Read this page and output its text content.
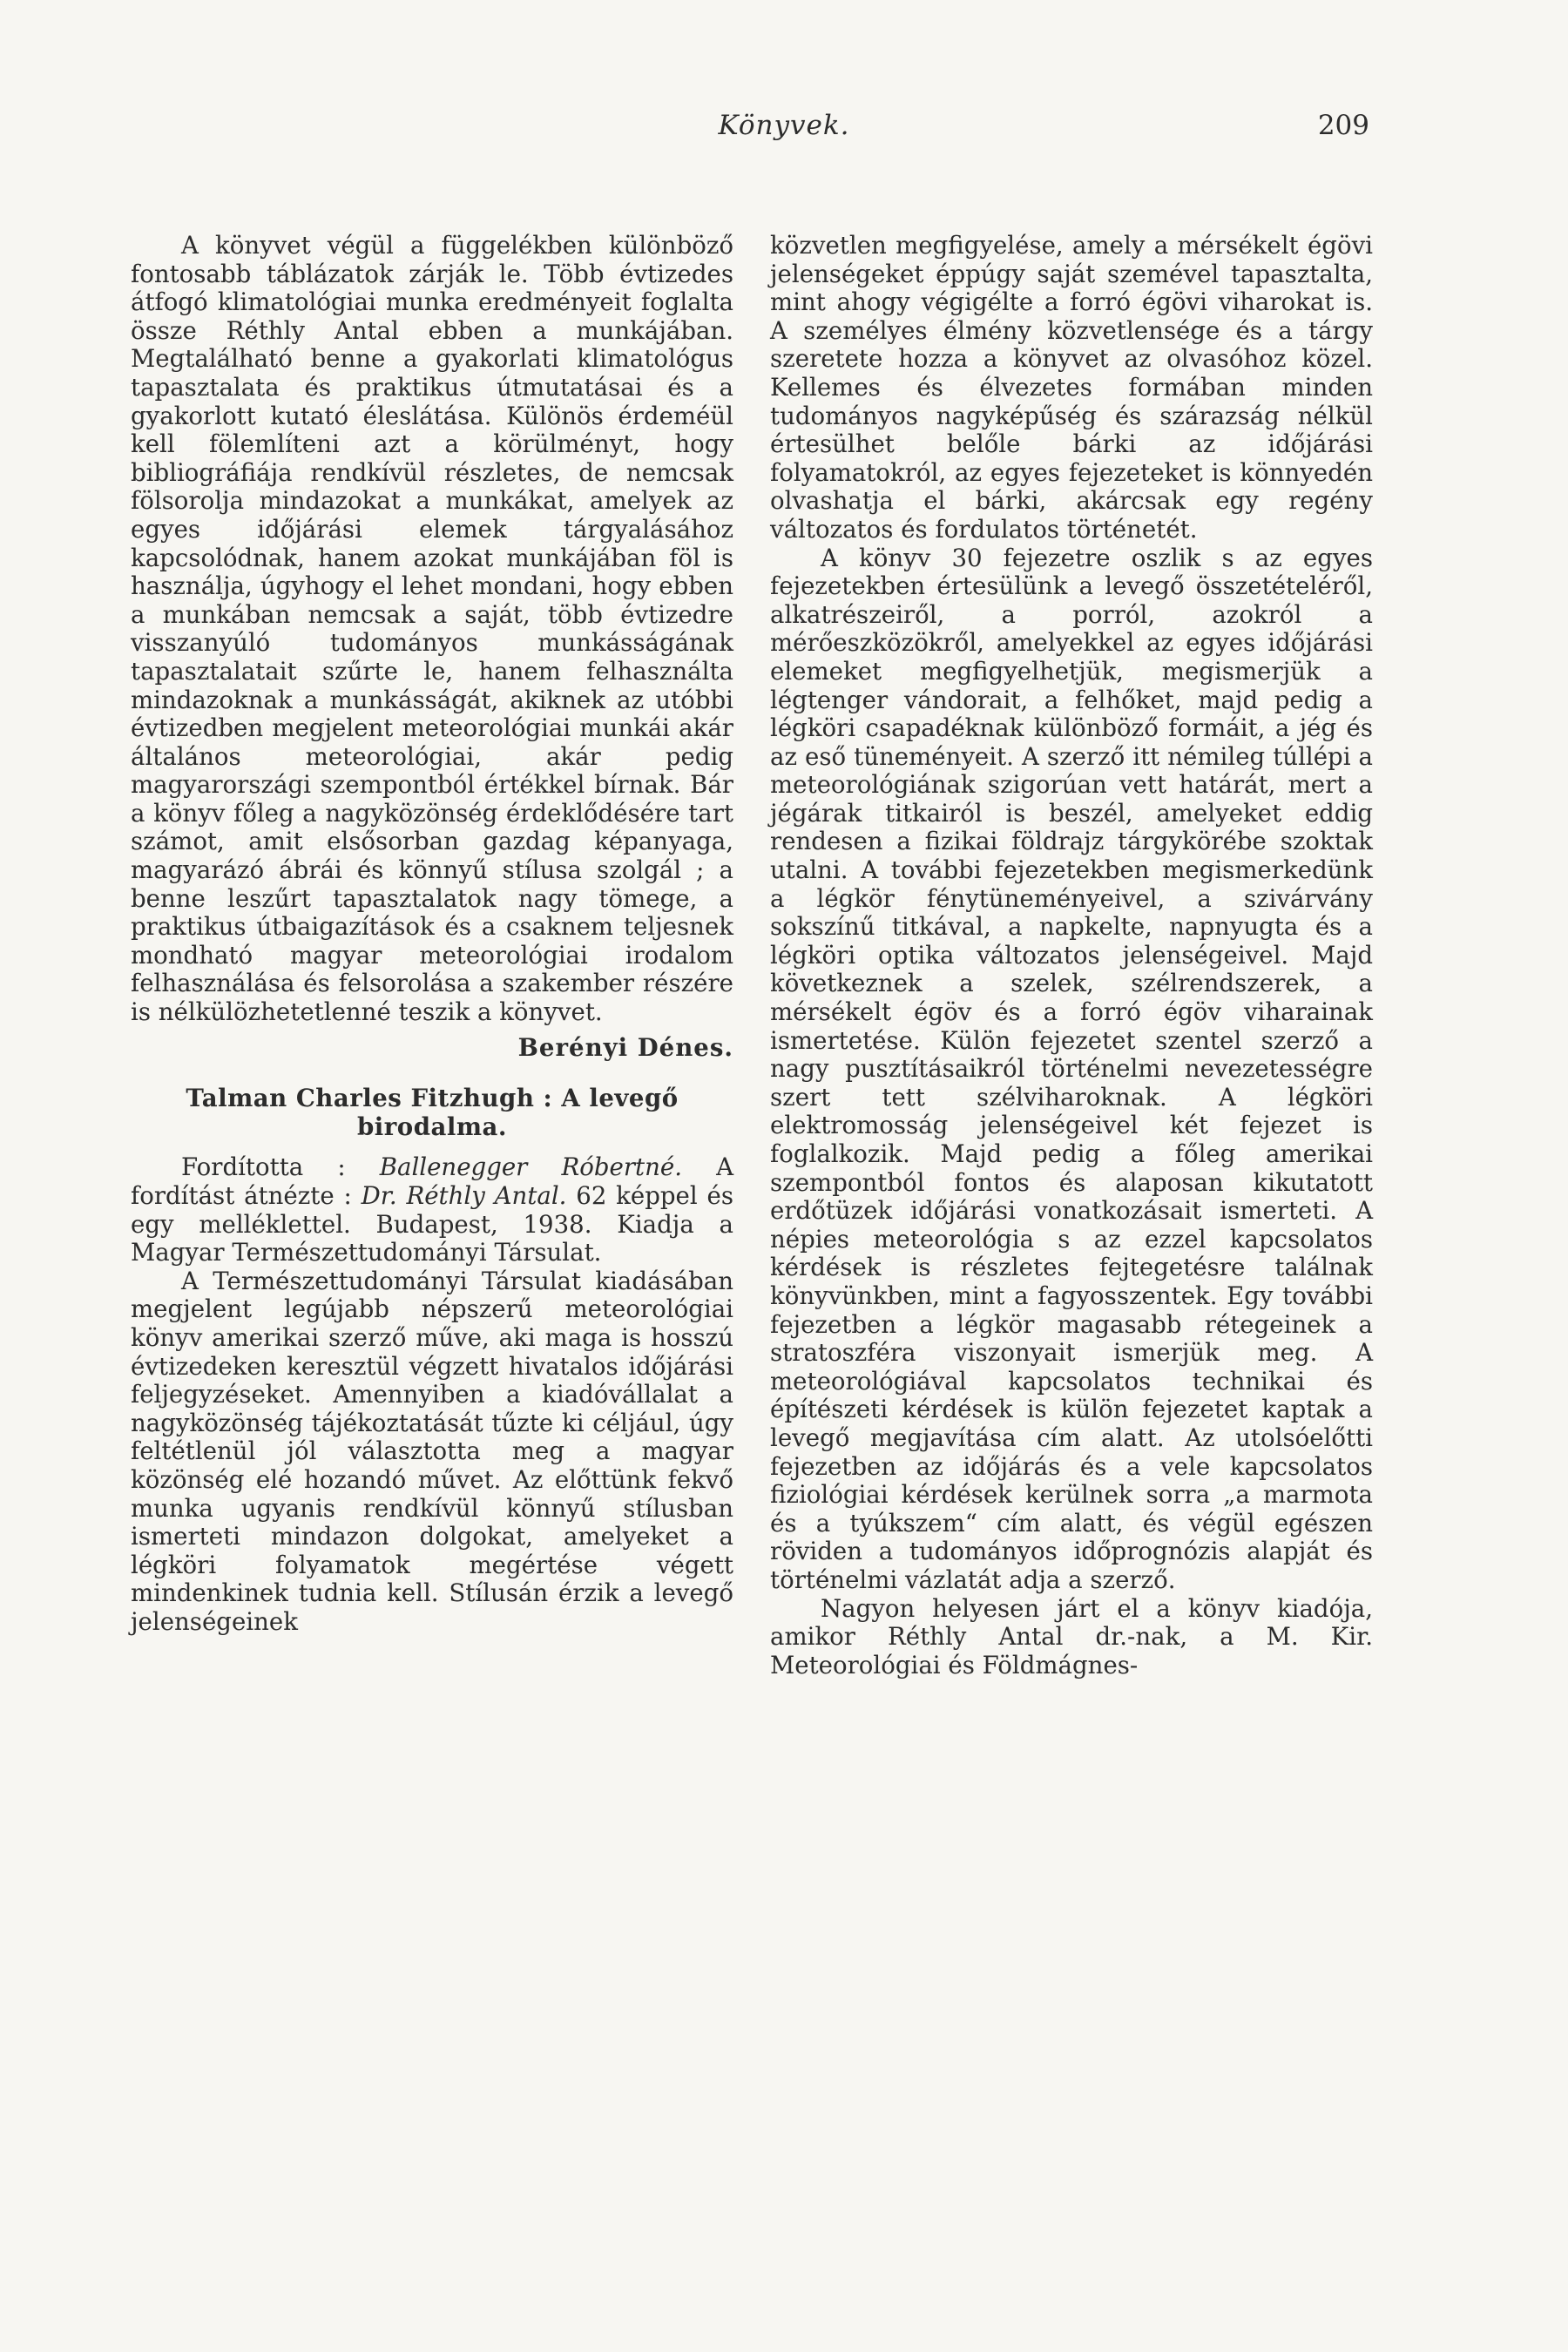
Könyvek.	209

A könyvet végül a függelékben különböző fontosabb táblázatok zárják le. Több évtizedes átfogó klimatológiai munka eredményeit foglalta össze Réthly Antal ebben a munkájában. Megtalálható benne a gyakorlati klimatológus tapasztalata és praktikus útmutatásai és a gyakorlott kutató éleslátása. Különös érdeméül kell fölemlíteni azt a körülményt, hogy bibliográfiája rendkívül részletes, de nemcsak fölsorolja mindazokat a munkákat, amelyek az egyes időjárási elemek tárgyalásához kapcsolódnak, hanem azokat munkájában föl is használja, úgyhogy el lehet mondani, hogy ebben a munkában nemcsak a saját, több évtizedre visszanyúló tudományos munkásságának tapasztalatait szűrte le, hanem felhasználta mindazoknak a munkásságát, akiknek az utóbbi évtizedben megjelent meteorológiai munkái akár általános meteorológiai, akár pedig magyarországi szempontból értékkel bírnak. Bár a könyv főleg a nagyközönség érdeklődésére tart számot, amit elsősorban gazdag képanyaga, magyarázó ábrái és könnyű stílusa szolgál ; a benne leszűrt tapasztalatok nagy tömege, a praktikus útbaigazítások és a csaknem teljesnek mondható magyar meteorológiai irodalom felhasználása és felsorolása a szakember részére is nélkülözhetetlenné teszik a könyvet.

Berényi Dénes.
Talman Charles Fitzhugh : A levegő
birodalma.

Fordította : Ballenegger Róbertné. A fordítást átnézte : Dr. Réthly Antal. 62 képpel és egy melléklettel. Budapest, 1938. Kiadja a Magyar Természettudományi Társulat.

A Természettudományi Társulat kiadásában megjelent legújabb népszerű meteorológiai könyv amerikai szerző műve, aki maga is hosszú évtizedeken keresztül végzett hivatalos időjárási feljegyzéseket. Amennyiben a kiadóvállalat a nagyközönség tájékoztatását tűzte ki céljául, úgy feltétlenül jól választotta meg a magyar közönség elé hozandó művet. Az előttünk fekvő munka ugyanis rendkívül könnyű stílusban ismerteti mindazon dolgokat, amelyeket a légköri folyamatok megértése végett mindenkinek tudnia kell. Stílusán érzik a levegő jelenségeinek

közvetlen megfigyelése, amely a mérsékelt égövi jelenségeket éppúgy saját szemével tapasztalta, mint ahogy végigélte a forró égövi viharokat is. A személyes élmény közvetlensége és a tárgy szeretete hozza a könyvet az olvasóhoz közel. Kellemes és élvezetes formában minden tudományos nagyképűség és szárazság nélkül értesülhet belőle bárki az időjárási folyamatokról, az egyes fejezeteket is könnyedén olvashatja el bárki, akárcsak egy regény változatos és fordulatos történetét.

A könyv 30 fejezetre oszlik s az egyes fejezetekben értesülünk a levegő összetételéről, alkatrészeiről, a porról, azokról a mérőeszközökről, amelyekkel az egyes időjárási elemeket megfigyelhetjük, megismerjük a légtenger vándorait, a felhőket, majd pedig a légköri csapadéknak különböző formáit, a jég és az eső tüneményeit. A szerző itt némileg túllépi a meteorológiának szigorúan vett határát, mert a jégárak titkairól is beszél, amelyeket eddig rendesen a fizikai földrajz tárgykörébe szoktak utalni. A további fejezetekben megismerkedünk a légkör fénytüneményeivel, a szivárvány sokszínű titkával, a napkelte, napnyugta és a légköri optika változatos jelenségeivel. Majd következnek a szelek, szélrendszerek, a mérsékelt égöv és a forró égöv viharainak ismertetése. Külön fejezetet szentel szerző a nagy pusztításaikról történelmi nevezetességre szert tett szélviharoknak. A légköri elektromosság jelenségeivel két fejezet is foglalkozik. Majd pedig a főleg amerikai szempontból fontos és alaposan kikutatott erdőtüzek időjárási vonatkozásait ismerteti. A népies meteorológia s az ezzel kapcsolatos kérdések is részletes fejtegetésre találnak könyvünkben, mint a fagyosszentek. Egy további fejezetben a légkör magasabb rétegeinek a stratoszféra viszonyait ismerjük meg. A meteorológiával kapcsolatos technikai és építészeti kérdések is külön fejezetet kaptak a levegő megjavítása cím alatt. Az utolsóelőtti fejezetben az időjárás és a vele kapcsolatos fiziológiai kérdések kerülnek sorra „a marmota és a tyúkszem“ cím alatt, és végül egészen röviden a tudományos időprognózis alapját és történelmi vázlatát adja a szerző.

Nagyon helyesen járt el a könyv kiadója, amikor Réthly Antal dr.-nak, a M. Kir. Meteorológiai és Földmágnes-
